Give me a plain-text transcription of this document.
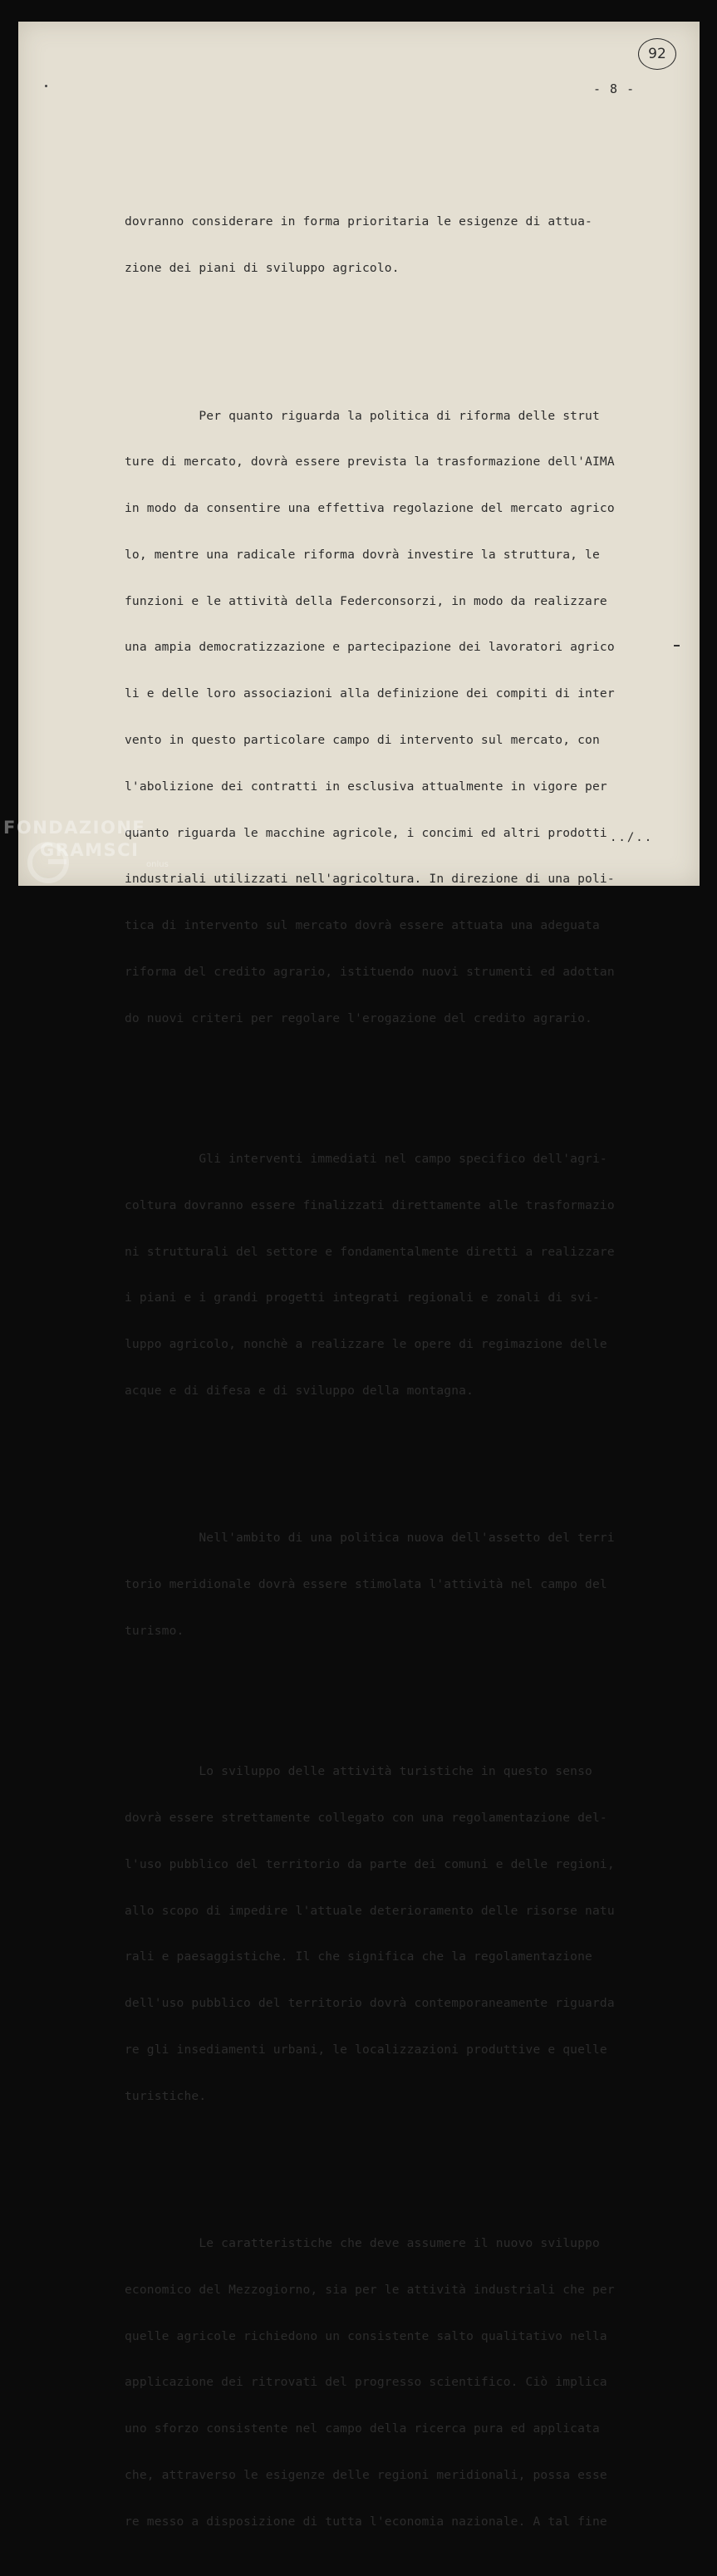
92
- 8 -

dovranno considerare in forma prioritaria le esigenze di attua-

zione dei piani di sviluppo agricolo.

Per quanto riguarda la politica di riforma delle strut

ture di mercato, dovrà essere prevista la trasformazione dell'AIMA

in modo da consentire una effettiva regolazione del mercato agrico

lo, mentre una radicale riforma dovrà investire la struttura, le

funzioni e le attività della Federconsorzi, in modo da realizzare

una ampia democratizzazione e partecipazione dei lavoratori agrico

li e delle loro associazioni alla definizione dei compiti di inter

vento in questo particolare campo di intervento sul mercato, con

l'abolizione dei contratti in esclusiva attualmente in vigore per

quanto riguarda le macchine agricole, i concimi ed altri prodotti

industriali utilizzati nell'agricoltura. In direzione di una poli-

tica di intervento sul mercato dovrà essere attuata una adeguata

riforma del credito agrario, istituendo nuovi strumenti ed adottan

do nuovi criteri per regolare l'erogazione del credito agrario.

Gli interventi immediati nel campo specifico dell'agri-

coltura dovranno essere finalizzati direttamente alle trasformazio

ni strutturali del settore e fondamentalmente diretti a realizzare

i piani e i grandi progetti integrati regionali e zonali di svi-

luppo agricolo, nonchè a realizzare le opere di regimazione delle

acque e di difesa e di sviluppo della montagna.

Nell'ambito di una politica nuova dell'assetto del terri

torio meridionale dovrà essere stimolata l'attività nel campo del

turismo.

Lo sviluppo delle attività turistiche in questo senso

dovrà essere strettamente collegato con una regolamentazione del-

l'uso pubblico del territorio da parte dei comuni e delle regioni,

allo scopo di impedire l'attuale deterioramento delle risorse natu

rali e paesaggistiche. Il che significa che la regolamentazione

dell'uso pubblico del territorio dovrà contemporaneamente riguarda

re gli insediamenti urbani, le localizzazioni produttive e quelle

turistiche.

Le caratteristiche che deve assumere il nuovo sviluppo

economico del Mezzogiorno, sia per le attività industriali che per

quelle agricole richiedono un consistente salto qualitativo nella

applicazione dei ritrovati del progresso scientifico. Ciò implica

uno sforzo consistente nel campo della ricerca pura ed applicata

che, attraverso le esigenze delle regioni meridionali, possa esse

re messo a disposizione di tutta l'economia nazionale. A tal fine

../..
FONDAZIONE
GRAMSCI
onlus
